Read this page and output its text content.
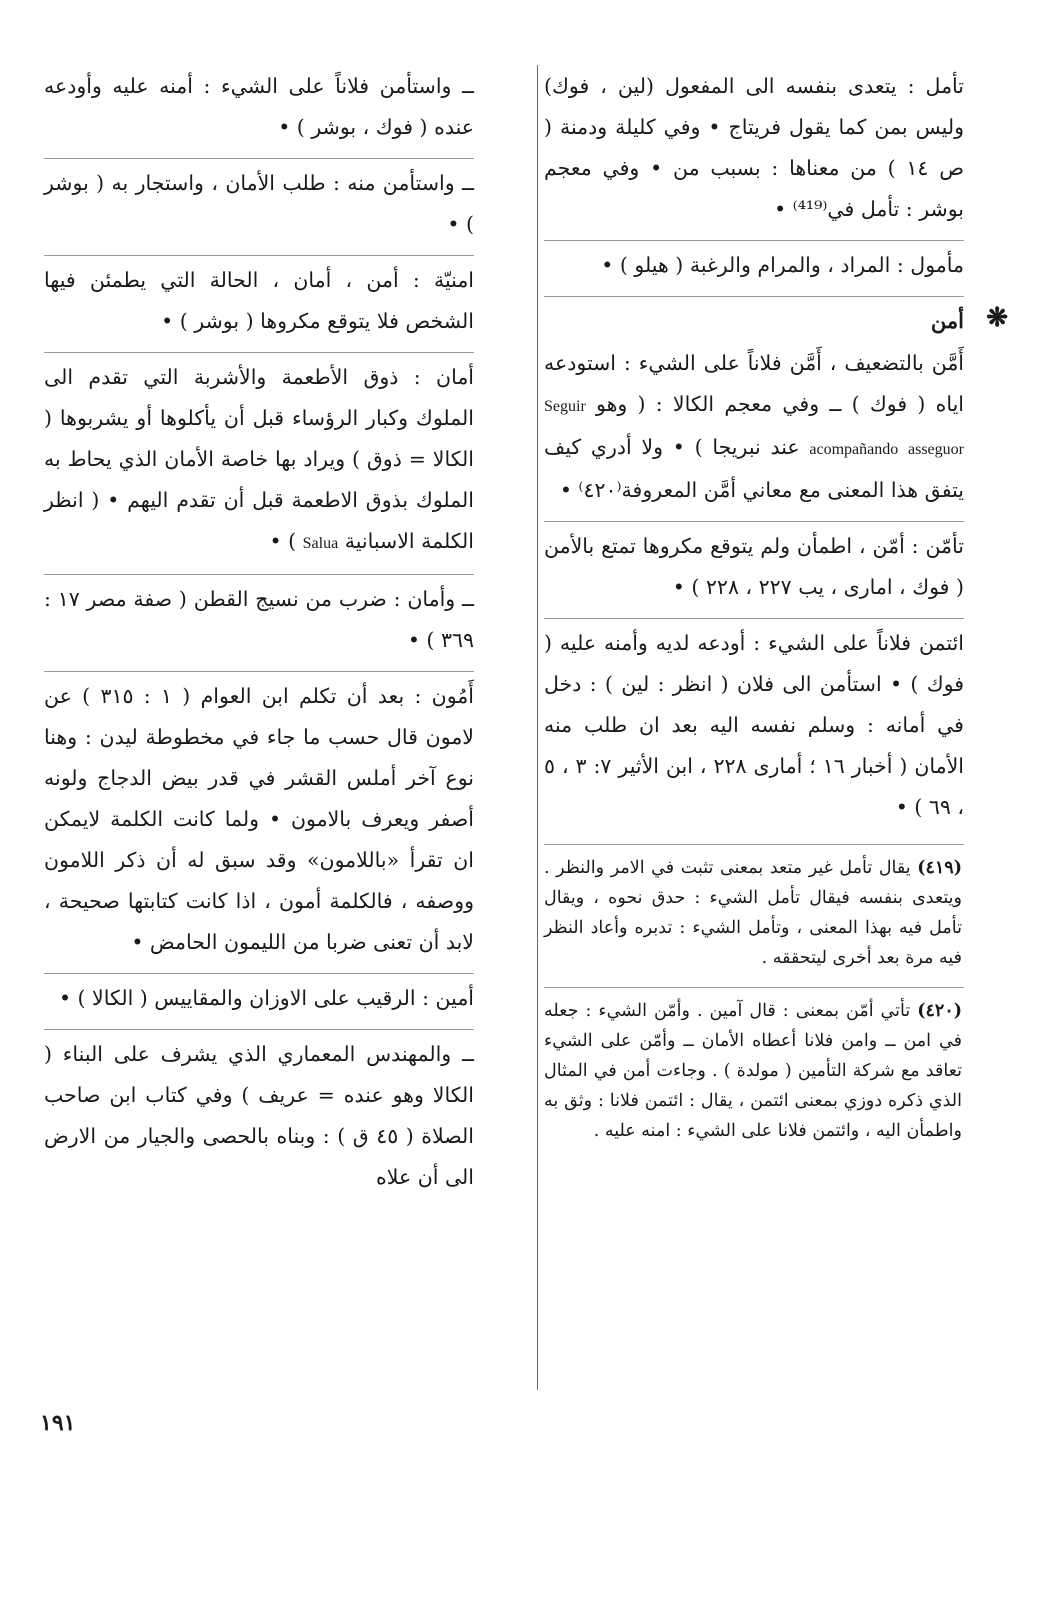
تأمل : يتعدى بنفسه الى المفعول (لين ، فوك) وليس بمن كما يقول فريتاج • وفي كليلة ودمنة ( ص ١٤ ) من معناها : بسبب من • وفي معجم بوشر : تأمل في⁽⁴¹⁹⁾ •
مأمول : المراد ، والمرام والرغبة ( هيلو ) •
❋
أمن
أَمَّن بالتضعيف ، أَمَّن فلاناً على الشيء : استودعه اياه ( فوك ) ــ وفي معجم الكالا : ( وهو Seguir acompañando asseguor عند نبريجا ) • ولا أدري كيف يتفق هذا المعنى مع معاني أمَّن المعروفة⁽٤٢٠⁾ •
تأمّن : أمّن ، اطمأن ولم يتوقع مكروها تمتع بالأمن ( فوك ، امارى ، يب ٢٢٧ ، ٢٢٨ ) •
ائتمن فلاناً على الشيء : أودعه لديه وأمنه عليه ( فوك ) • استأمن الى فلان ( انظر : لين ) : دخل في أمانه : وسلم نفسه اليه بعد ان طلب منه الأمان ( أخبار ١٦ ؛ أمارى ٢٢٨ ، ابن الأثير ٧: ٣ ، ٥ ، ٦٩ ) •
(٤١٩) يقال تأمل غير متعد بمعنى تثبت في الامر والنظر . ويتعدى بنفسه فيقال تأمل الشيء : حدق نحوه ، ويقال تأمل فيه بهذا المعنى ، وتأمل الشيء : تدبره وأعاد النظر فيه مرة بعد أخرى ليتحققه .
(٤٢٠) تأتي أمّن بمعنى : قال آمين . وأمّن الشيء : جعله في امن ــ وامن فلانا أعطاه الأمان ــ وأمّن على الشيء تعاقد مع شركة التأمين ( مولدة ) . وجاءت أمن في المثال الذي ذكره دوزي بمعنى ائتمن ، يقال : ائتمن فلانا : وثق به واطمأن اليه ، وائتمن فلانا على الشيء : امنه عليه .
ــ واستأمن فلاناً على الشيء : أمنه عليه وأودعه عنده ( فوك ، بوشر ) •
ــ واستأمن منه : طلب الأمان ، واستجار به ( بوشر ) •
امنيّة : أمن ، أمان ، الحالة التي يطمئن فيها الشخص فلا يتوقع مكروها ( بوشر ) •
أمان : ذوق الأطعمة والأشربة التي تقدم الى الملوك وكبار الرؤساء قبل أن يأكلوها أو يشربوها ( الكالا = ذوق ) ويراد بها خاصة الأمان الذي يحاط به الملوك بذوق الاطعمة قبل أن تقدم اليهم • ( انظر الكلمة الاسبانية Salua ) •
ــ وأمان : ضرب من نسيج القطن ( صفة مصر ١٧ : ٣٦٩ ) •
أَمُون : بعد أن تكلم ابن العوام ( ١ : ٣١٥ ) عن لامون قال حسب ما جاء في مخطوطة ليدن : وهنا نوع آخر أملس القشر في قدر بيض الدجاج ولونه أصفر ويعرف بالامون • ولما كانت الكلمة لايمكن ان تقرأ «باللامون» وقد سبق له أن ذكر اللامون ووصفه ، فالكلمة أمون ، اذا كانت كتابتها صحيحة ، لابد أن تعنى ضربا من الليمون الحامض •
أمين : الرقيب على الاوزان والمقاييس ( الكالا ) •
ــ والمهندس المعماري الذي يشرف على البناء ( الكالا وهو عنده = عريف ) وفي كتاب ابن صاحب الصلاة ( ٤٥ ق ) : وبناه بالحصى والجيار من الارض الى أن علاه
١٩١
